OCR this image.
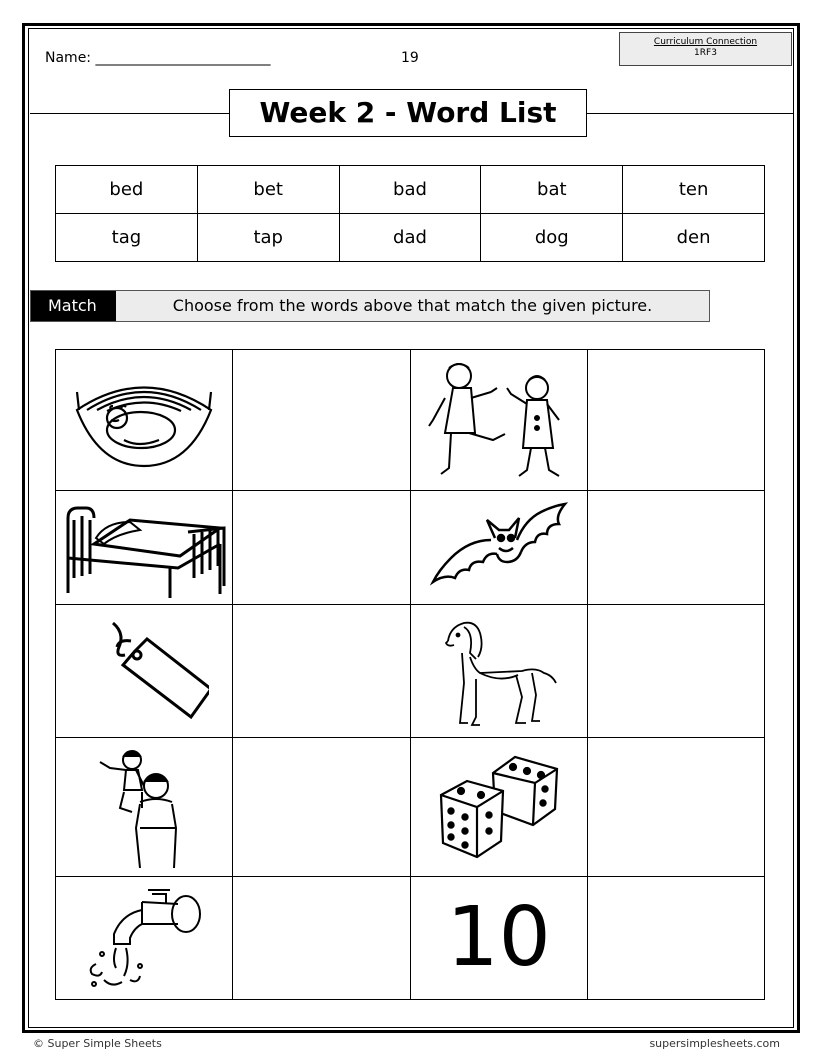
Name: _________________________	19
Curriculum Connection
1RF3
Week 2 - Word List
bed	bet	bad	bat	ten
tag	tap	dad	dog	den
Match	Choose from the words above that match the given picture.

10	

© Super Simple Sheets	supersimplesheets.com
